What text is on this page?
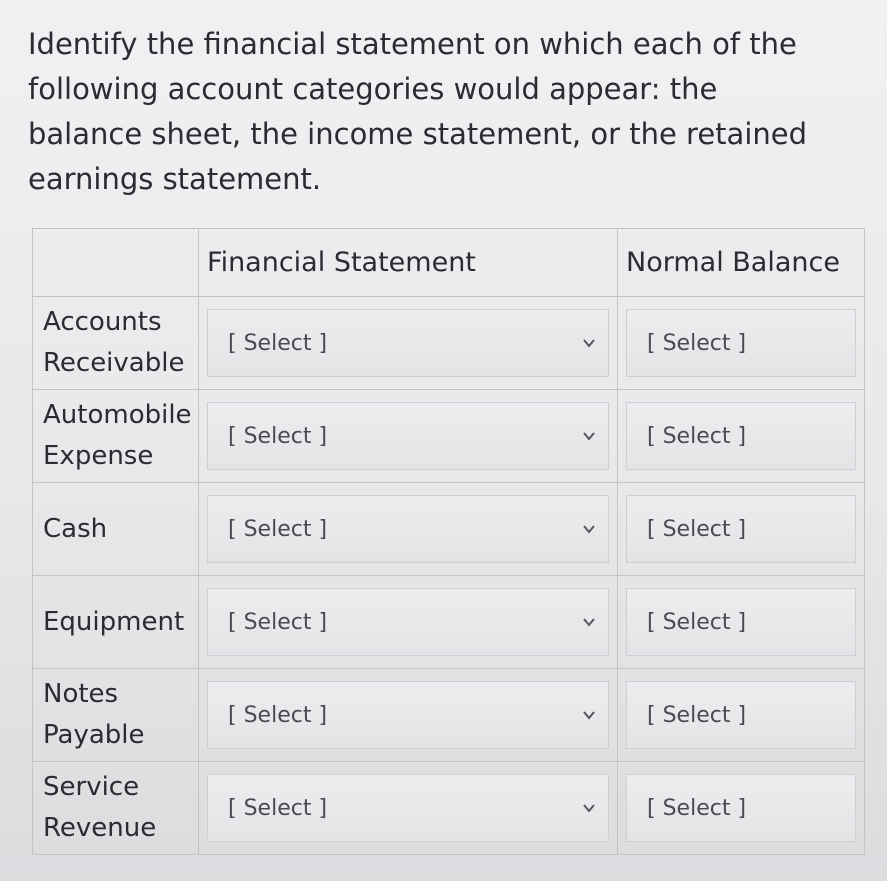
Identify the financial statement on which each of the following account categories would appear: the balance sheet, the income statement, or the retained earnings statement.

	Financial Statement	Normal Balance
Accounts Receivable	[ Select ]	[ Select ]

Automobile Expense	[ Select ]	[ Select ]

Cash	[ Select ]	[ Select ]

Equipment	[ Select ]	[ Select ]

Notes Payable	[ Select ]	[ Select ]

Service Revenue	[ Select ]	[ Select ]
